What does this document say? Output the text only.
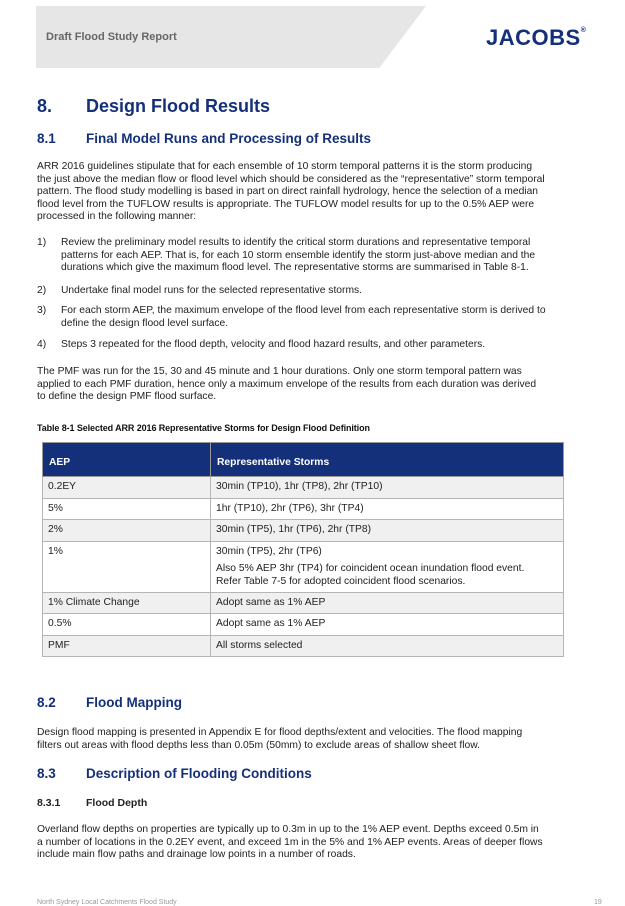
Draft Flood Study Report	JACOBS®
8. Design Flood Results
8.1 Final Model Runs and Processing of Results
ARR 2016 guidelines stipulate that for each ensemble of 10 storm temporal patterns it is the storm producing
the just above the median flow or flood level which should be considered as the “representative” storm temporal
pattern. The flood study modelling is based in part on direct rainfall hydrology, hence the selection of a median
flood level from the TUFLOW results is appropriate. The TUFLOW model results for up to the 0.5% AEP were
processed in the following manner:
1) Review the preliminary model results to identify the critical storm durations and representative temporal
patterns for each AEP. That is, for each 10 storm ensemble identify the storm just-above median and the
durations which give the maximum flood level. The representative storms are summarised in Table 8-1.
2) Undertake final model runs for the selected representative storms.
3) For each storm AEP, the maximum envelope of the flood level from each representative storm is derived to
define the design flood level surface.
4) Steps 3 repeated for the flood depth, velocity and flood hazard results, and other parameters.
The PMF was run for the 15, 30 and 45 minute and 1 hour durations. Only one storm temporal pattern was
applied to each PMF duration, hence only a maximum envelope of the results from each duration was derived
to define the design PMF flood surface.
Table 8-1 Selected ARR 2016 Representative Storms for Design Flood Definition
AEP	Representative Storms

0.2EY	30min (TP10), 1hr (TP8), 2hr (TP10)

5%	1hr (TP10), 2hr (TP6), 3hr (TP4)

2%	30min (TP5), 1hr (TP6), 2hr (TP8)

1%	30min (TP5), 2hr (TP6)
Also 5% AEP 3hr (TP4) for coincident ocean inundation flood event.
Refer Table 7-5 for adopted coincident flood scenarios.

1% Climate Change	Adopt same as 1% AEP

0.5%	Adopt same as 1% AEP

PMF	All storms selected
8.2 Flood Mapping
Design flood mapping is presented in Appendix E for flood depths/extent and velocities. The flood mapping
filters out areas with flood depths less than 0.05m (50mm) to exclude areas of shallow sheet flow.
8.3 Description of Flooding Conditions
8.3.1 Flood Depth
Overland flow depths on properties are typically up to 0.3m in up to the 1% AEP event. Depths exceed 0.5m in
a number of locations in the 0.2EY event, and exceed 1m in the 5% and 1% AEP events. Areas of deeper flows
include main flow paths and drainage low points in a number of roads.
North Sydney Local Catchments Flood Study	19
